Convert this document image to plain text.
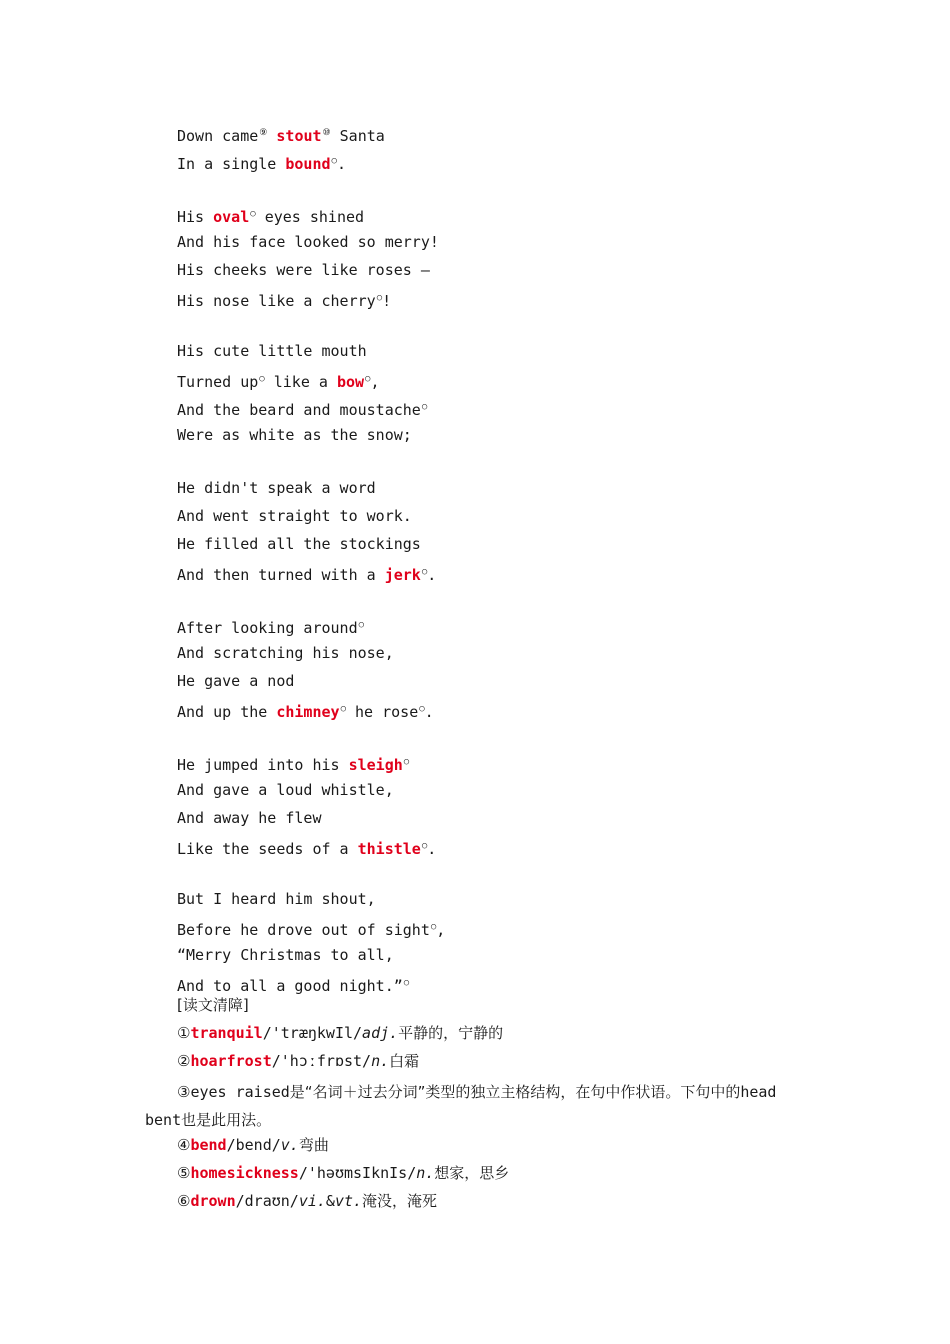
Down came⑨ stout⑩ Santa
In a single bound○.
His oval○ eyes shined
And his face looked so merry!
His cheeks were like roses —
His nose like a cherry○!
His cute little mouth
Turned up○ like a bow○,
And the beard and moustache○
Were as white as the snow;
He didn't speak a word
And went straight to work.
He filled all the stockings
And then turned with a jerk○.
After looking around○
And scratching his nose,
He gave a nod
And up the chimney○ he rose○.
He jumped into his sleigh○
And gave a loud whistle,
And away he flew
Like the seeds of a thistle○.
But I heard him shout,
Before he drove out of sight○,
“Merry Christmas to all,
And to all a good night.”○
[读文清障]
①tranquil/'træŋkwIl/adj.平静的，宁静的
②hoarfrost/'hɔːfrɒst/n.白霜
③eyes raised是“名词＋过去分词”类型的独立主格结构，在句中作状语。下句中的head bent也是此用法。
④bend/bend/v.弯曲
⑤homesickness/'həʊmsIknIs/n.想家，思乡
⑥drown/draʊn/vi.&vt.淹没，淹死
